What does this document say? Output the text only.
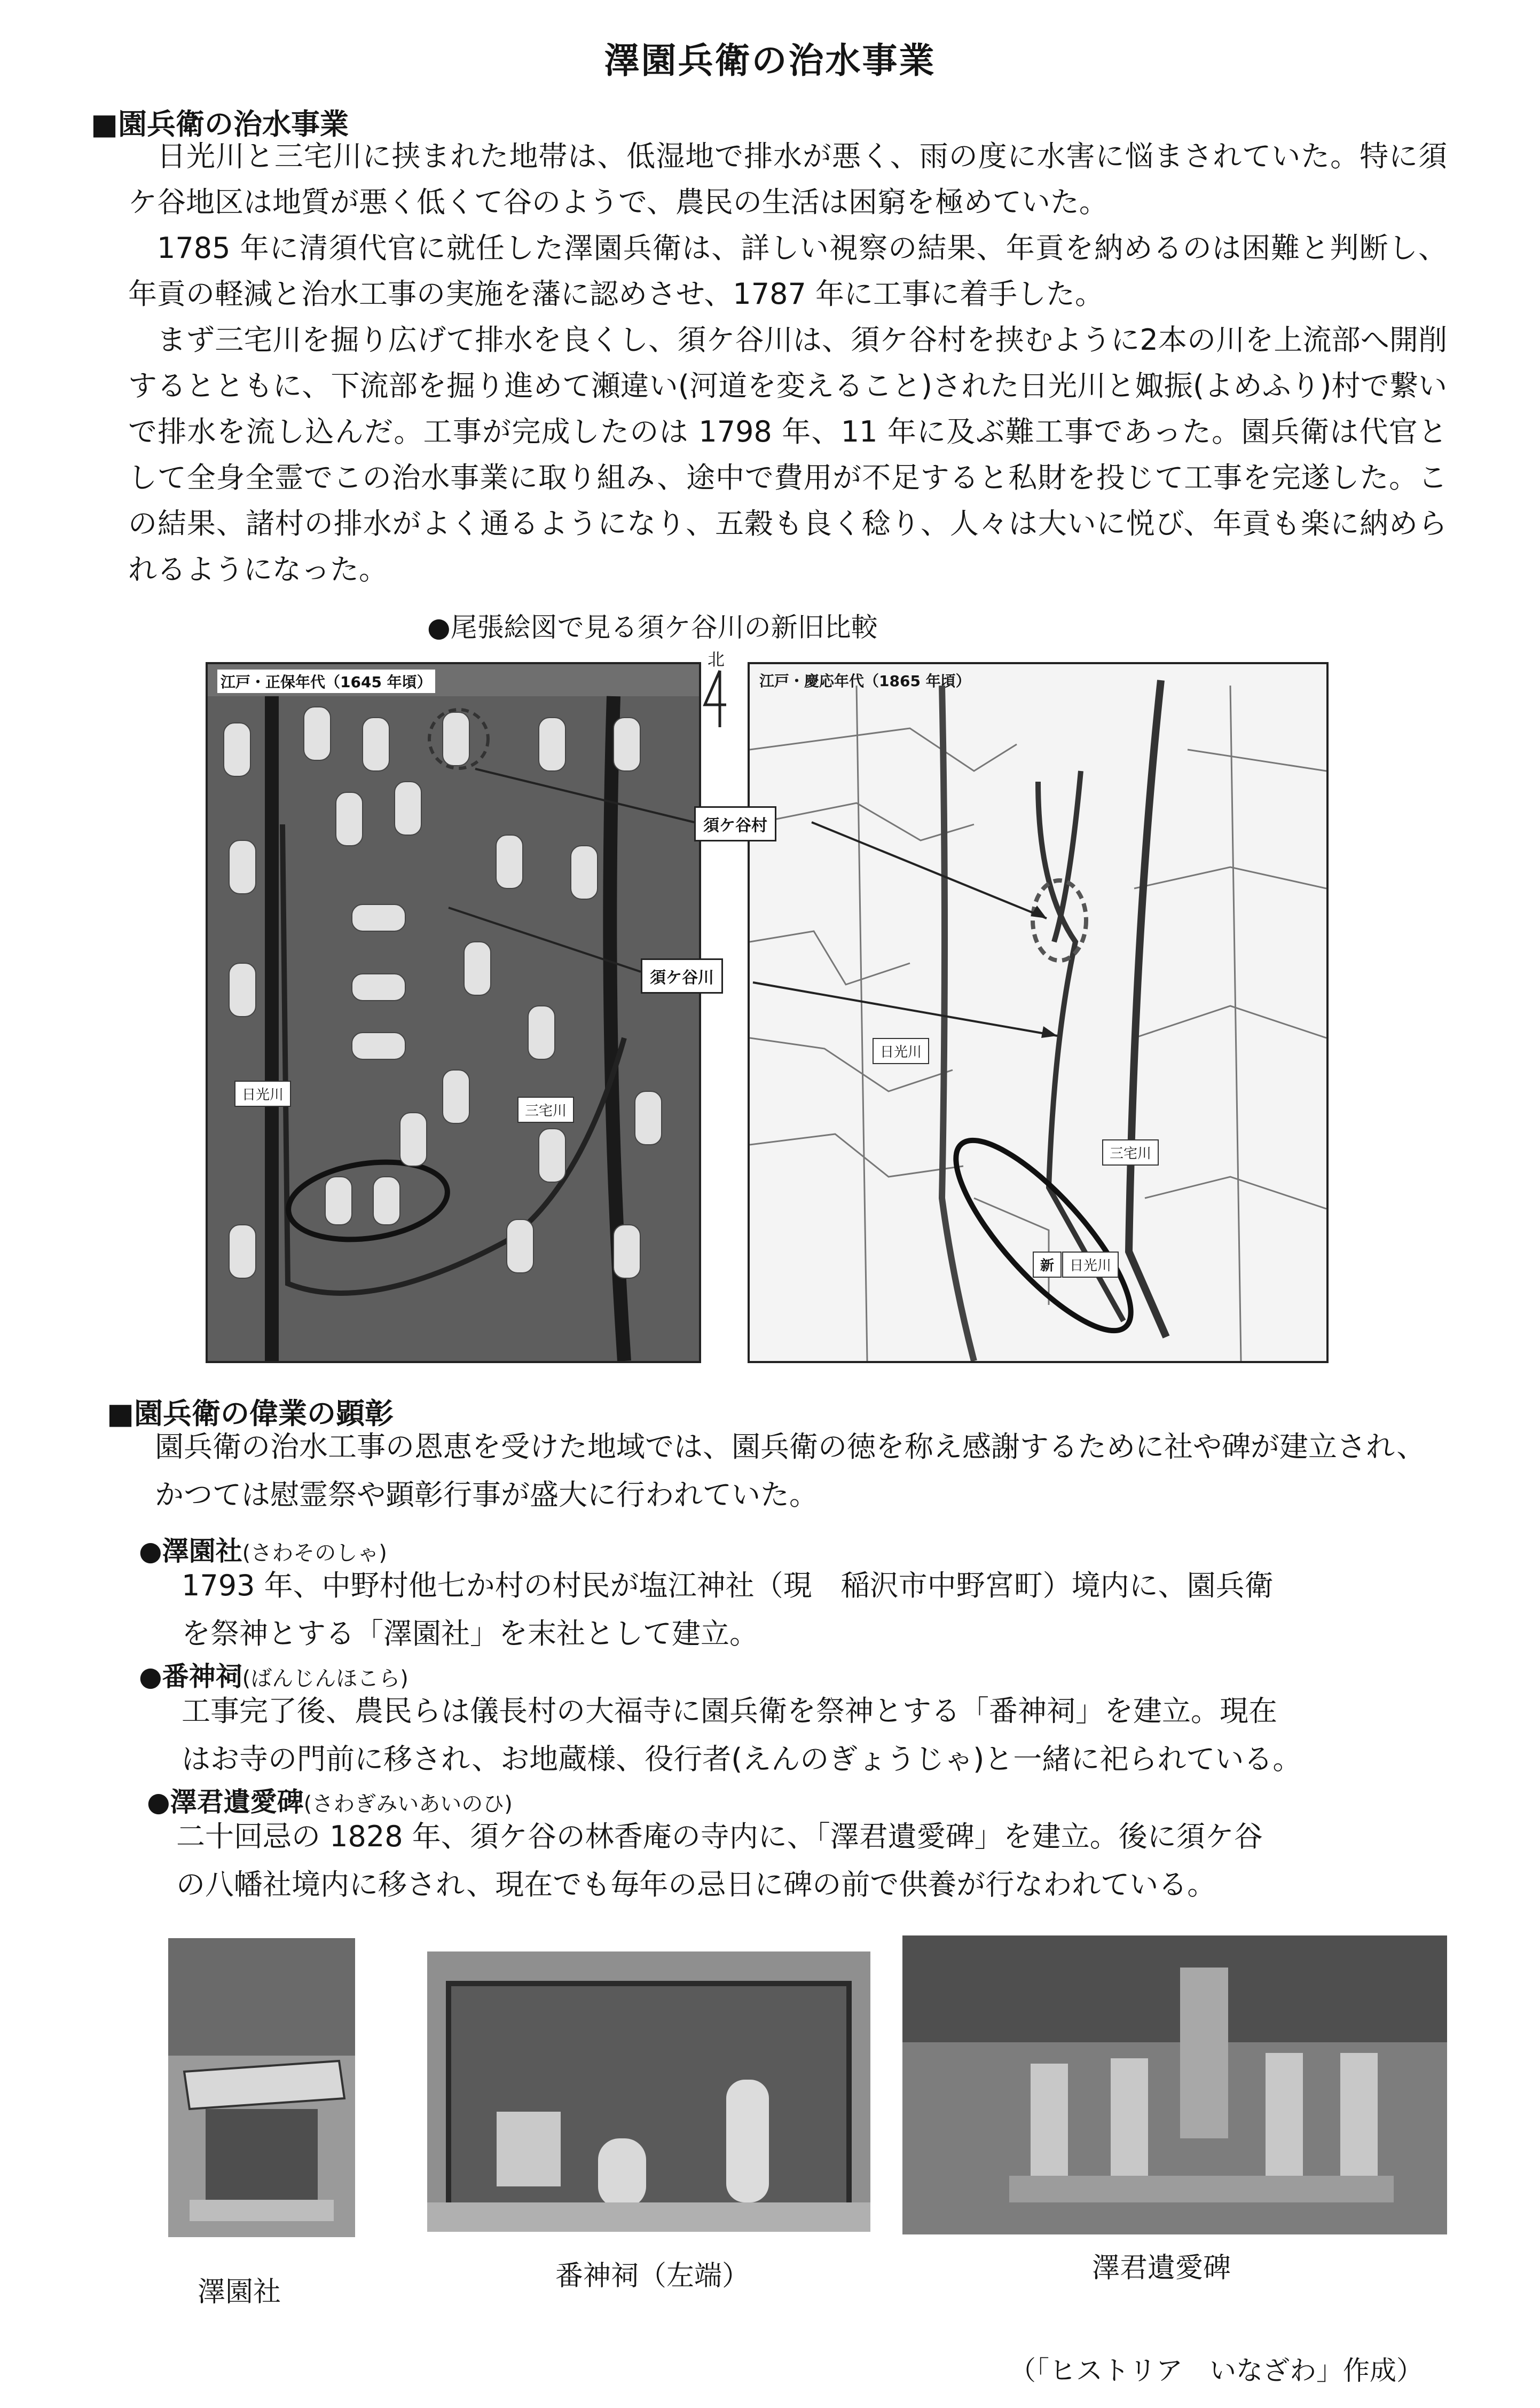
澤園兵衛の治水事業
■園兵衛の治水事業

日光川と三宅川に挟まれた地帯は、低湿地で排水が悪く、雨の度に水害に悩まされていた。特に須ケ谷地区は地質が悪く低くて谷のようで、農民の生活は困窮を極めていた。

1785 年に清須代官に就任した澤園兵衛は、詳しい視察の結果、年貢を納めるのは困難と判断し、年貢の軽減と治水工事の実施を藩に認めさせ、1787 年に工事に着手した。

まず三宅川を掘り広げて排水を良くし、須ケ谷川は、須ケ谷村を挟むように2本の川を上流部へ開削するとともに、下流部を掘り進めて瀬違い(河道を変えること)された日光川と娵振(よめふり)村で繋いで排水を流し込んだ。工事が完成したのは 1798 年、11 年に及ぶ難工事であった。園兵衛は代官として全身全霊でこの治水事業に取り組み、途中で費用が不足すると私財を投じて工事を完遂した。この結果、諸村の排水がよく通るようになり、五穀も良く稔り、人々は大いに悦び、年貢も楽に納められるようになった。

●尾張絵図で見る須ケ谷川の新旧比較
江戸・正保年代（1645 年頃）
日光川
三宅川
北
江戸・慶応年代（1865 年頃）
日光川
三宅川
新	日光川
須ケ谷村
須ケ谷川
■園兵衛の偉業の顕彰
園兵衛の治水工事の恩恵を受けた地域では、園兵衛の徳を称え感謝するために社や碑が建立され、かつては慰霊祭や顕彰行事が盛大に行われていた。
●澤園社(さわそのしゃ)

1793 年、中野村他七か村の村民が塩江神社（現　稲沢市中野宮町）境内に、園兵衛

を祭神とする「澤園社」を末社として建立。

●番神祠(ばんじんほこら)

工事完了後、農民らは儀長村の大福寺に園兵衛を祭神とする「番神祠」を建立。現在

はお寺の門前に移され、お地蔵様、役行者(えんのぎょうじゃ)と一緒に祀られている。

●澤君遺愛碑(さわぎみいあいのひ)

二十回忌の 1828 年、須ケ谷の林香庵の寺内に、「澤君遺愛碑」を建立。後に須ケ谷

の八幡社境内に移され、現在でも毎年の忌日に碑の前で供養が行なわれている。

澤園社	番神祠（左端）	澤君遺愛碑
（「ヒストリア　いなざわ」作成）
